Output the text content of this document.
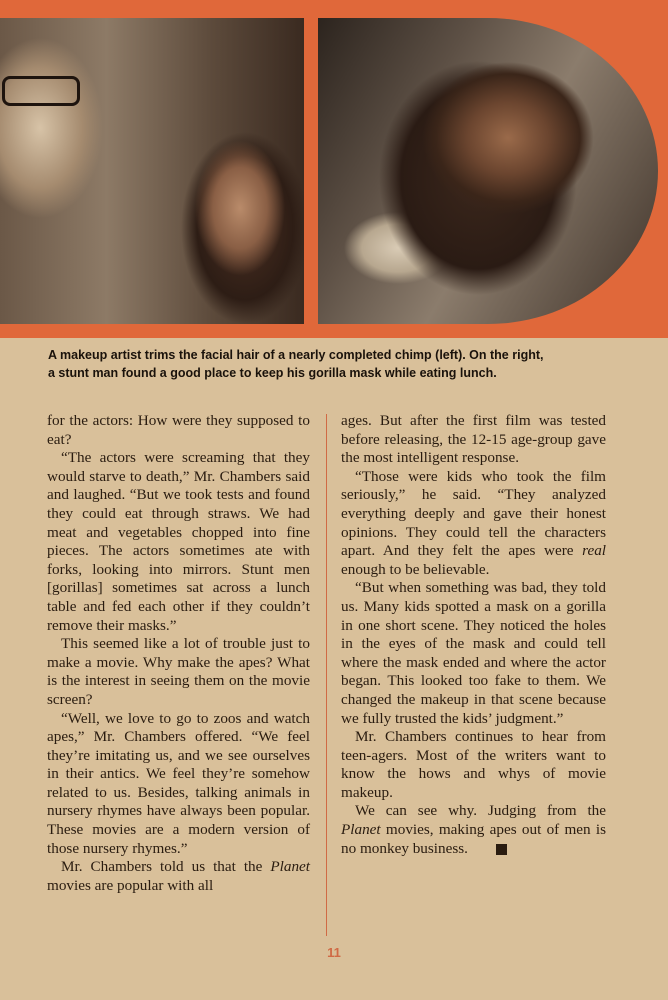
A makeup artist trims the facial hair of a nearly completed chimp (left). On the right,

a stunt man found a good place to keep his gorilla mask while eating lunch.

for the actors: How were they supposed to eat?

“The actors were screaming that they would starve to death,” Mr. Chambers said and laughed. “But we took tests and found they could eat through straws. We had meat and vegetables chopped into fine pieces. The actors sometimes ate with forks, looking into mirrors. Stunt men [gorillas] sometimes sat across a lunch table and fed each other if they couldn’t remove their masks.”

This seemed like a lot of trouble just to make a movie. Why make the apes? What is the interest in seeing them on the movie screen?

“Well, we love to go to zoos and watch apes,” Mr. Chambers offered. “We feel they’re imitating us, and we see ourselves in their antics. We feel they’re somehow related to us. Besides, talking animals in nursery rhymes have always been popular. These movies are a modern version of those nursery rhymes.”

Mr. Chambers told us that the Planet movies are popular with all

ages. But after the first film was tested before releasing, the 12-15 age-group gave the most intelligent response.

“Those were kids who took the film seriously,” he said. “They analyzed everything deeply and gave their honest opinions. They could tell the characters apart. And they felt the apes were real enough to be believable.

“But when something was bad, they told us. Many kids spotted a mask on a gorilla in one short scene. They noticed the holes in the eyes of the mask and could tell where the mask ended and where the actor began. This looked too fake to them. We changed the makeup in that scene because we fully trusted the kids’ judgment.”

Mr. Chambers continues to hear from teen-agers. Most of the writers want to know the hows and whys of movie makeup.

We can see why. Judging from the Planet movies, making apes out of men is no monkey business.

11
